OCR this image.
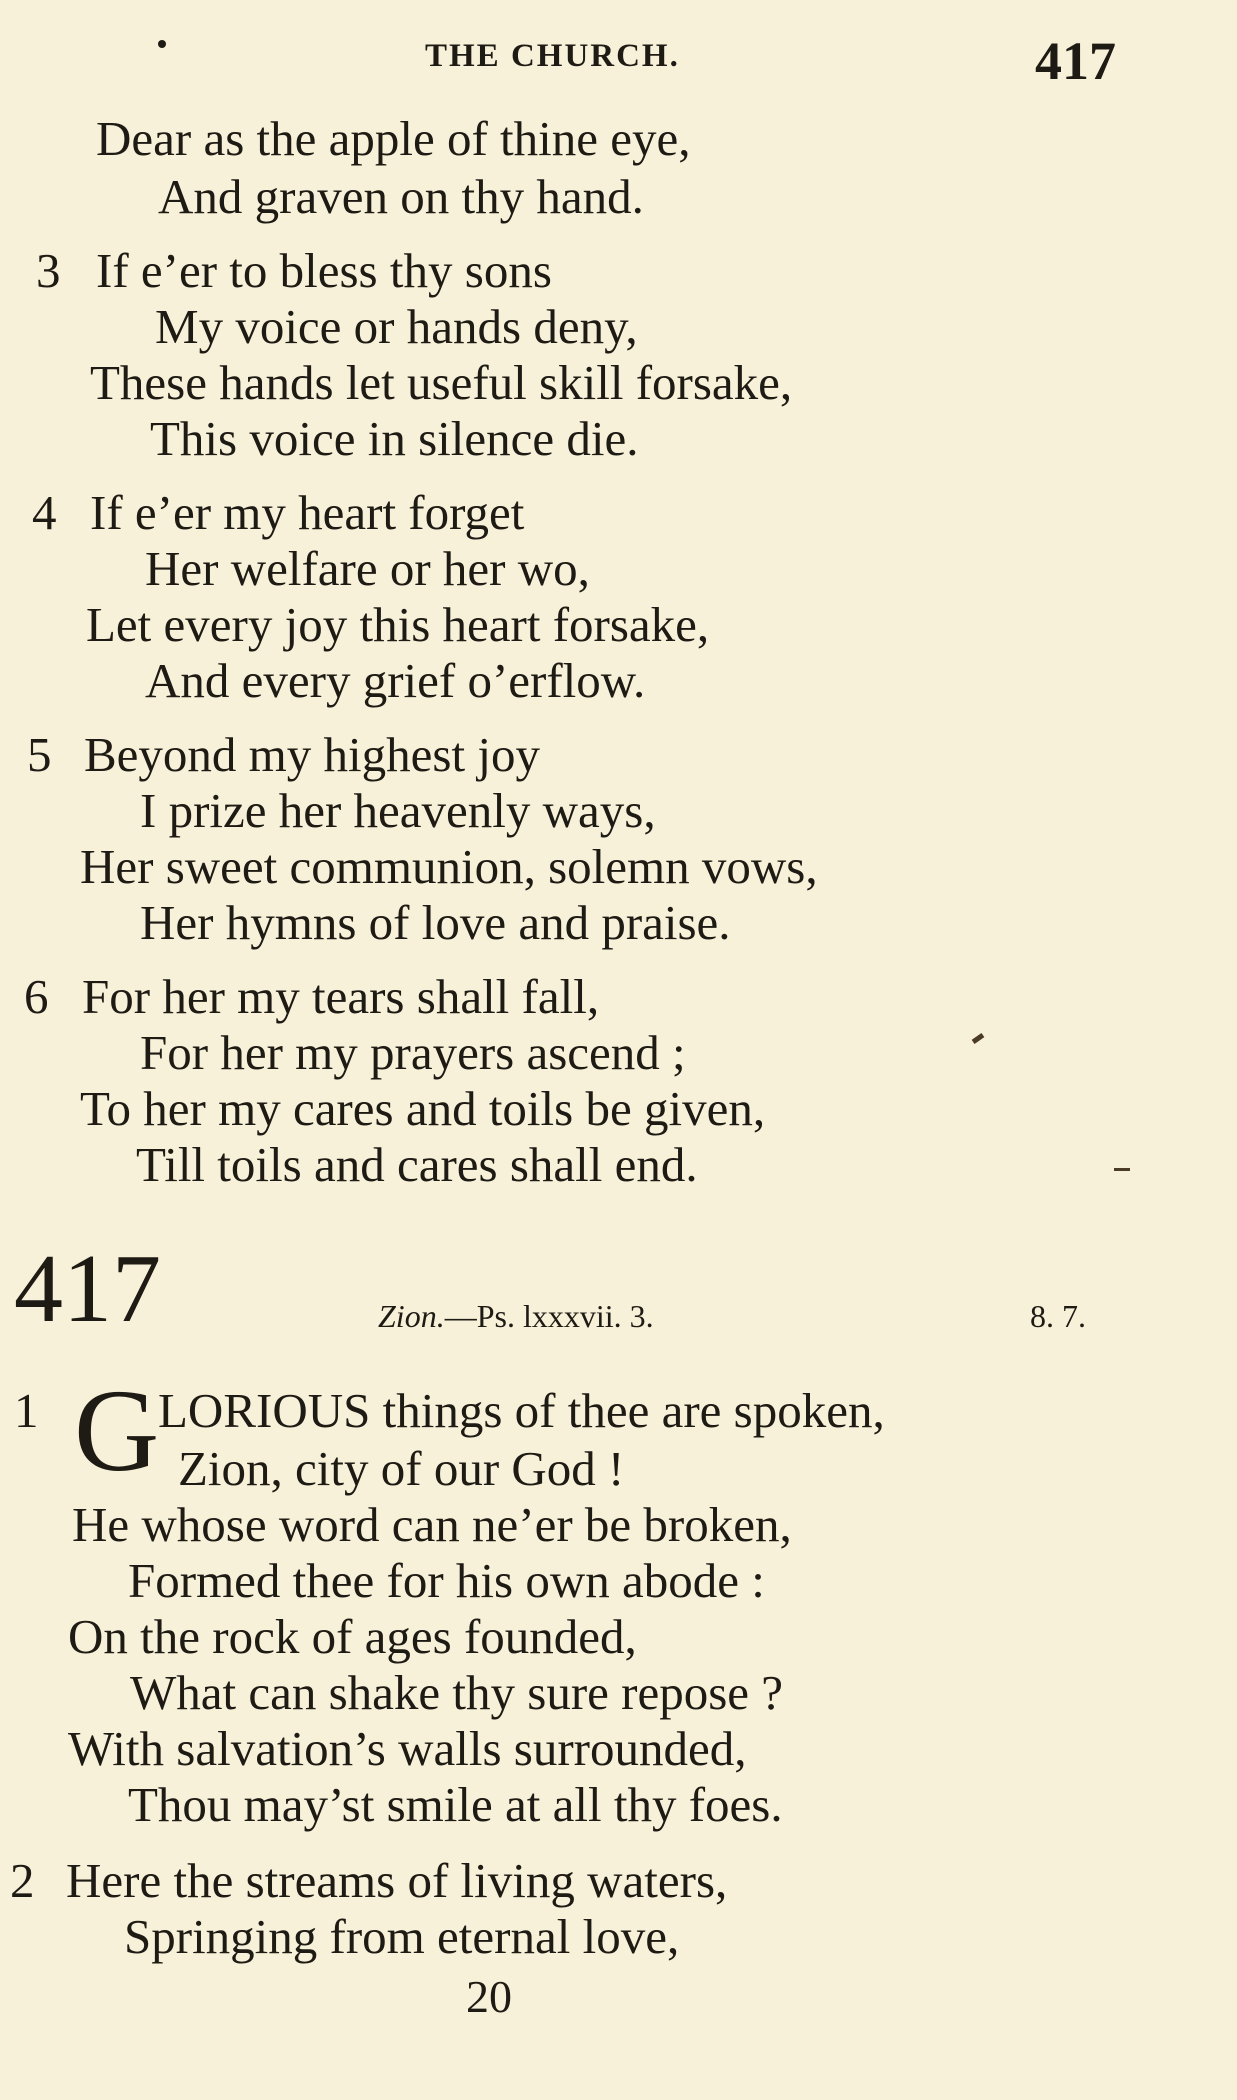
THE CHURCH.	417
Dear as the apple of thine eye,
And graven on thy hand.
3 If e’er to bless thy sons
My voice or hands deny,
These hands let useful skill forsake,
This voice in silence die.
4 If e’er my heart forget
Her welfare or her wo,
Let every joy this heart forsake,
And every grief o’erflow.
5 Beyond my highest joy
I prize her heavenly ways,
Her sweet communion, solemn vows,
Her hymns of love and praise.
6 For her my tears shall fall,
For her my prayers ascend ;
To her my cares and toils be given,
Till toils and cares shall end.
417	Zion.—Ps. lxxxvii. 3.	8. 7.
1 G
LORIOUS things of thee are spoken,
Zion, city of our God !
He whose word can ne’er be broken,
Formed thee for his own abode :
On the rock of ages founded,
What can shake thy sure repose ?
With salvation’s walls surrounded,
Thou may’st smile at all thy foes.
2 Here the streams of living waters,
Springing from eternal love,
20
